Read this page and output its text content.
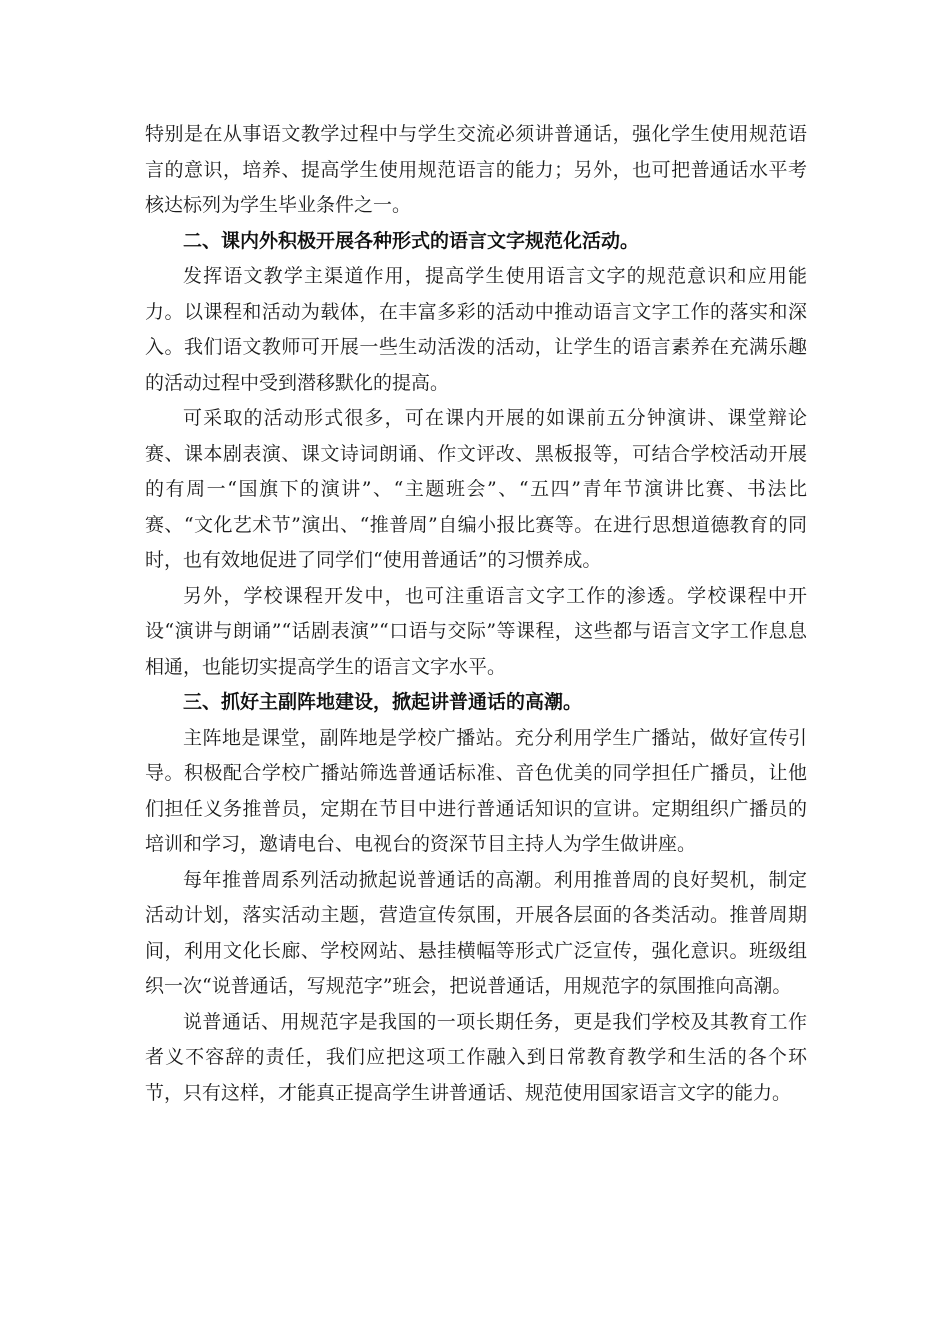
特别是在从事语文教学过程中与学生交流必须讲普通话，强化学生使用规范语言的意识，培养、提高学生使用规范语言的能力；另外，也可把普通话水平考核达标列为学生毕业条件之一。

二、课内外积极开展各种形式的语言文字规范化活动。

发挥语文教学主渠道作用，提高学生使用语言文字的规范意识和应用能力。以课程和活动为载体，在丰富多彩的活动中推动语言文字工作的落实和深入。我们语文教师可开展一些生动活泼的活动，让学生的语言素养在充满乐趣的活动过程中受到潜移默化的提高。

可采取的活动形式很多，可在课内开展的如课前五分钟演讲、课堂辩论赛、课本剧表演、课文诗词朗诵、作文评改、黑板报等，可结合学校活动开展的有周一“国旗下的演讲”、“主题班会”、“五四”青年节演讲比赛、书法比赛、“文化艺术节”演出、“推普周”自编小报比赛等。在进行思想道德教育的同时，也有效地促进了同学们“使用普通话”的习惯养成。

另外，学校课程开发中，也可注重语言文字工作的渗透。学校课程中开设“演讲与朗诵”“话剧表演”“口语与交际”等课程，这些都与语言文字工作息息相通，也能切实提高学生的语言文字水平。

三、抓好主副阵地建设，掀起讲普通话的高潮。

主阵地是课堂，副阵地是学校广播站。充分利用学生广播站，做好宣传引导。积极配合学校广播站筛选普通话标准、音色优美的同学担任广播员，让他们担任义务推普员，定期在节目中进行普通话知识的宣讲。定期组织广播员的培训和学习，邀请电台、电视台的资深节目主持人为学生做讲座。

每年推普周系列活动掀起说普通话的高潮。利用推普周的良好契机，制定活动计划，落实活动主题，营造宣传氛围，开展各层面的各类活动。推普周期间，利用文化长廊、学校网站、悬挂横幅等形式广泛宣传，强化意识。班级组织一次“说普通话，写规范字”班会，把说普通话，用规范字的氛围推向高潮。

说普通话、用规范字是我国的一项长期任务，更是我们学校及其教育工作者义不容辞的责任，我们应把这项工作融入到日常教育教学和生活的各个环节，只有这样，才能真正提高学生讲普通话、规范使用国家语言文字的能力。
